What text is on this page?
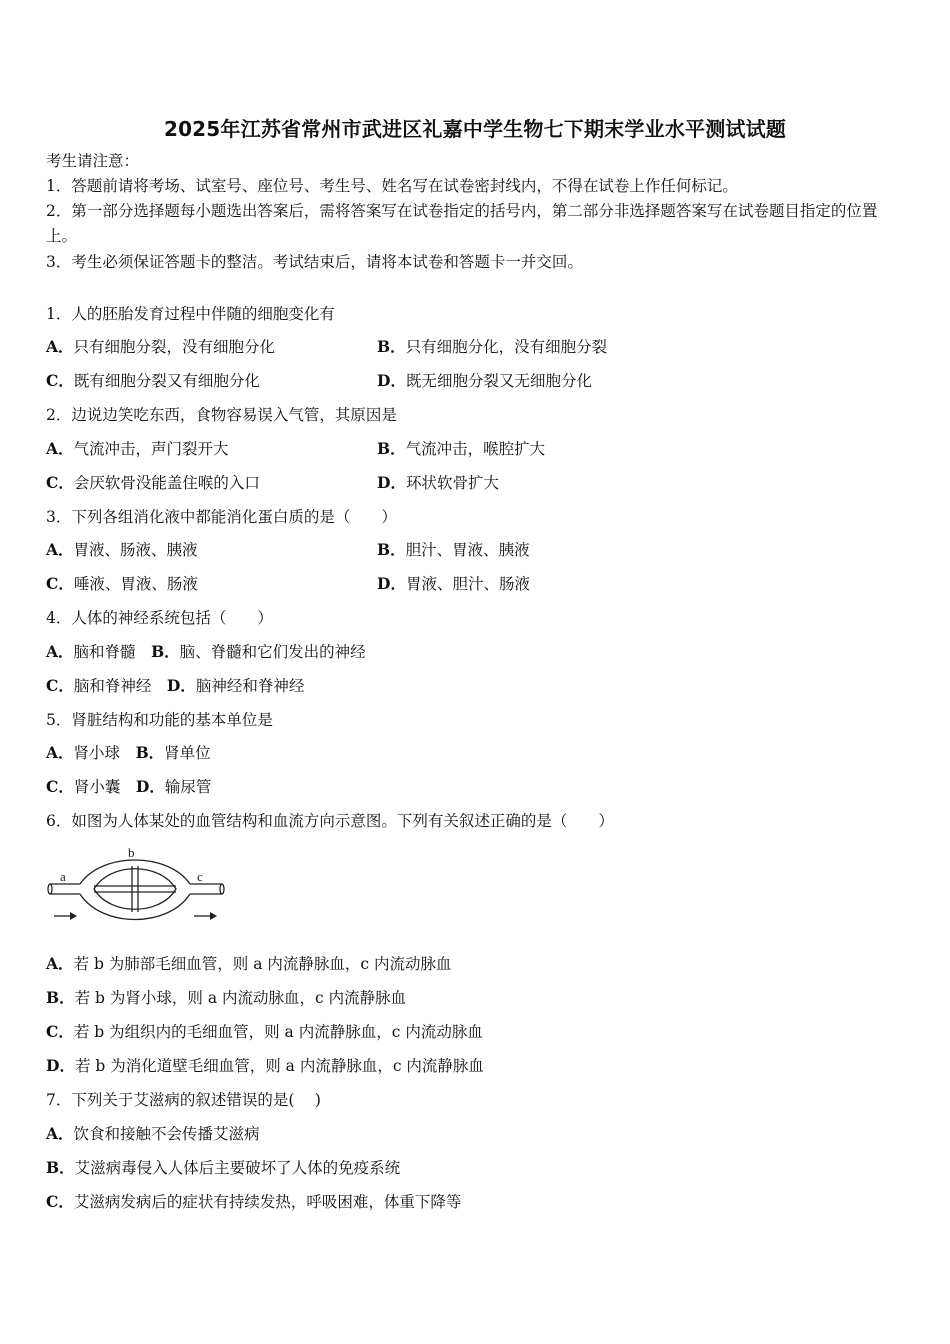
2025年江苏省常州市武进区礼嘉中学生物七下期末学业水平测试试题
考生请注意：
1．答题前请将考场、试室号、座位号、考生号、姓名写在试卷密封线内，不得在试卷上作任何标记。
2．第一部分选择题每小题选出答案后，需将答案写在试卷指定的括号内，第二部分非选择题答案写在试卷题目指定的位置上。
3．考生必须保证答题卡的整洁。考试结束后，请将本试卷和答题卡一并交回。
1．人的胚胎发育过程中伴随的细胞变化有
A．只有细胞分裂，没有细胞分化	B．只有细胞分化，没有细胞分裂
C．既有细胞分裂又有细胞分化	D．既无细胞分裂又无细胞分化
2．边说边笑吃东西，食物容易误入气管，其原因是
A．气流冲击，声门裂开大	B．气流冲击，喉腔扩大
C．会厌软骨没能盖住喉的入口	D．环状软骨扩大
3．下列各组消化液中都能消化蛋白质的是（　　）
A．胃液、肠液、胰液	B．胆汁、胃液、胰液
C．唾液、胃液、肠液	D．胃液、胆汁、肠液
4．人体的神经系统包括（　　）
A．脑和脊髓　 B．脑、脊髓和它们发出的神经
C．脑和脊神经　 D．脑神经和脊神经
5．肾脏结构和功能的基本单位是
A．肾小球　 B．肾单位
C．肾小囊　 D．输尿管
6．如图为人体某处的血管结构和血流方向示意图。下列有关叙述正确的是（　　）
a
b
c
A．若 b 为肺部毛细血管，则 a 内流静脉血，c 内流动脉血
B．若 b 为肾小球，则 a 内流动脉血，c 内流静脉血
C．若 b 为组织内的毛细血管，则 a 内流静脉血，c 内流动脉血
D．若 b 为消化道壁毛细血管，则 a 内流静脉血，c 内流静脉血
7．下列关于艾滋病的叙述错误的是(　 )
A．饮食和接触不会传播艾滋病
B．艾滋病毒侵入人体后主要破坏了人体的免疫系统
C．艾滋病发病后的症状有持续发热，呼吸困难，体重下降等
